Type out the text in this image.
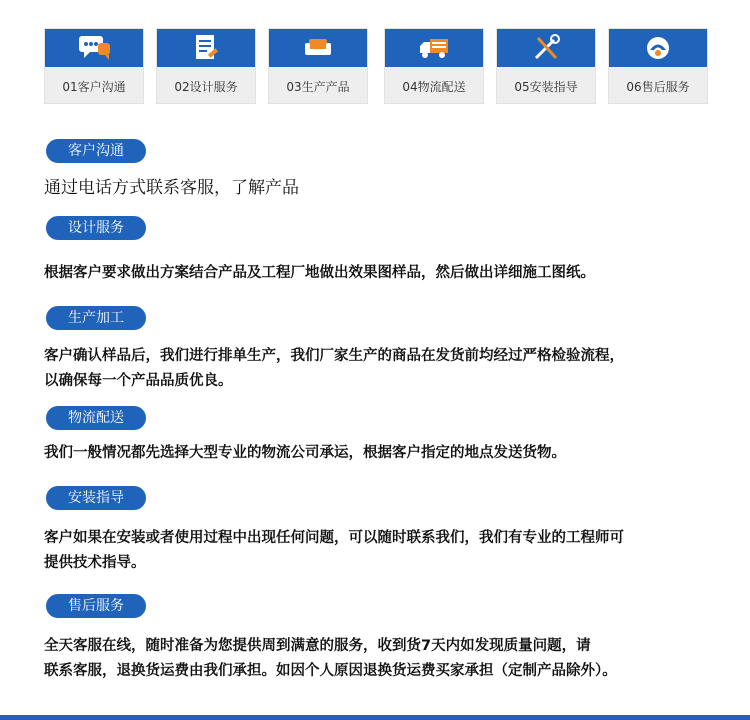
01客户沟通	02设计服务	03生产产品	04物流配送	05安装指导	06售后服务
客户沟通
通过电话方式联系客服，了解产品
设计服务
根据客户要求做出方案结合产品及工程厂地做出效果图样品，然后做出详细施工图纸。
生产加工
客户确认样品后，我们进行排单生产，我们厂家生产的商品在发货前均经过严格检验流程，
以确保每一个产品品质优良。
物流配送
我们一般情况都先选择大型专业的物流公司承运，根据客户指定的地点发送货物。
安装指导
客户如果在安装或者使用过程中出现任何问题，可以随时联系我们，我们有专业的工程师可
提供技术指导。
售后服务
全天客服在线，随时准备为您提供周到满意的服务，收到货7天内如发现质量问题，请
联系客服，退换货运费由我们承担。如因个人原因退换货运费买家承担（定制产品除外）。
